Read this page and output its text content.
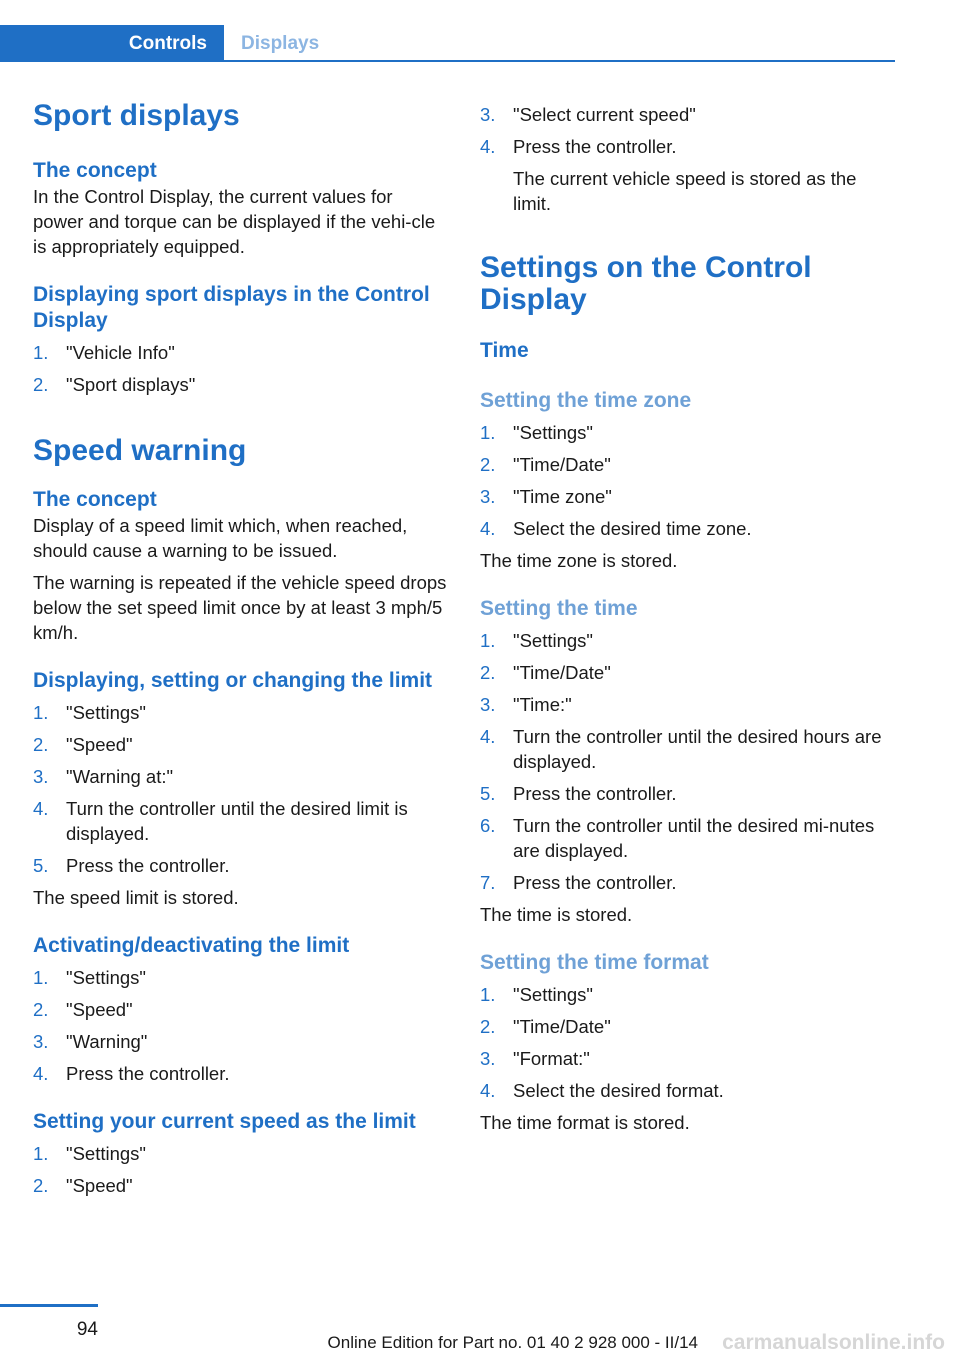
Controls	Displays
Sport displays
The concept

In the Control Display, the current values for power and torque can be displayed if the vehi-cle is appropriately equipped.

Displaying sport displays in the Control Display
1. "Vehicle Info"
2. "Sport displays"
Speed warning
The concept

Display of a speed limit which, when reached, should cause a warning to be issued.

The warning is repeated if the vehicle speed drops below the set speed limit once by at least 3 mph/5 km/h.

Displaying, setting or changing the limit
1. "Settings"
2. "Speed"
3. "Warning at:"
4. Turn the controller until the desired limit is displayed.
5. Press the controller.

The speed limit is stored.

Activating/deactivating the limit
1. "Settings"
2. "Speed"
3. "Warning"
4. Press the controller.
Setting your current speed as the limit
1. "Settings"
2. "Speed"
3. "Select current speed"
4. Press the controller.

The current vehicle speed is stored as the limit.

Settings on the Control Display
Time
Setting the time zone
1. "Settings"
2. "Time/Date"
3. "Time zone"
4. Select the desired time zone.

The time zone is stored.

Setting the time
1. "Settings"
2. "Time/Date"
3. "Time:"
4. Turn the controller until the desired hours are displayed.
5. Press the controller.
6. Turn the controller until the desired mi-nutes are displayed.
7. Press the controller.

The time is stored.

Setting the time format
1. "Settings"
2. "Time/Date"
3. "Format:"
4. Select the desired format.

The time format is stored.

94
Online Edition for Part no. 01 40 2 928 000 - II/14 carmanualsonline.info
